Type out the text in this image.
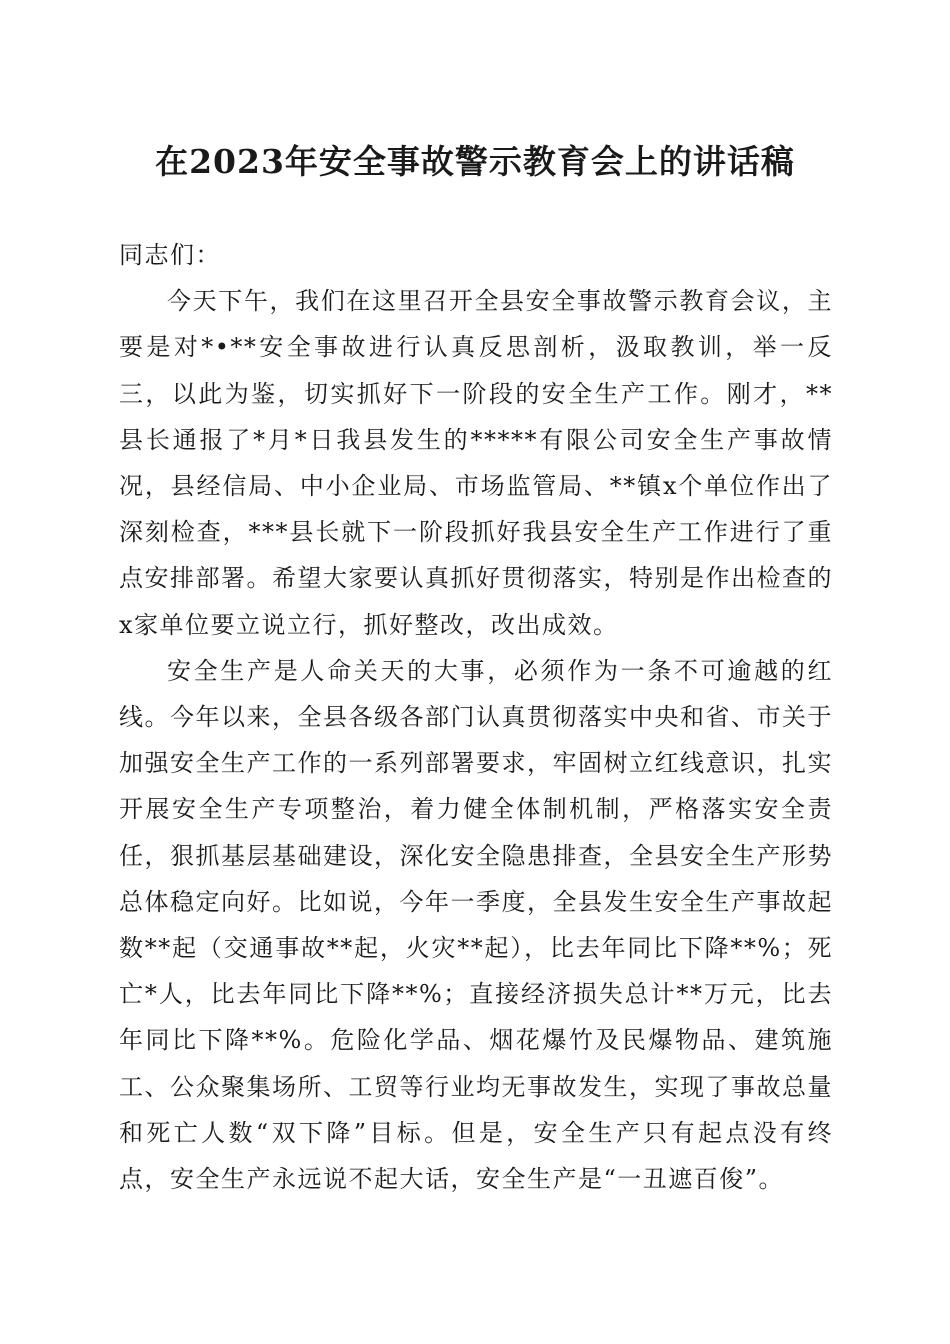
在2023年安全事故警示教育会上的讲话稿

同志们：

今天下午，我们在这里召开全县安全事故警示教育会议，主要是对*•**安全事故进行认真反思剖析，汲取教训，举一反三，以此为鉴，切实抓好下一阶段的安全生产工作。刚才，**县长通报了*月*日我县发生的*****有限公司安全生产事故情况，县经信局、中小企业局、市场监管局、**镇x个单位作出了深刻检查，***县长就下一阶段抓好我县安全生产工作进行了重点安排部署。希望大家要认真抓好贯彻落实，特别是作出检查的x家单位要立说立行，抓好整改，改出成效。

安全生产是人命关天的大事，必须作为一条不可逾越的红线。今年以来，全县各级各部门认真贯彻落实中央和省、市关于加强安全生产工作的一系列部署要求，牢固树立红线意识，扎实开展安全生产专项整治，着力健全体制机制，严格落实安全责任，狠抓基层基础建设，深化安全隐患排查，全县安全生产形势总体稳定向好。比如说，今年一季度，全县发生安全生产事故起数**起（交通事故**起，火灾**起），比去年同比下降**%；死亡*人，比去年同比下降**%；直接经济损失总计**万元，比去年同比下降**%。危险化学品、烟花爆竹及民爆物品、建筑施工、公众聚集场所、工贸等行业均无事故发生，实现了事故总量和死亡人数“双下降”目标。但是，安全生产只有起点没有终点，安全生产永远说不起大话，安全生产是“一丑遮百俊”。
